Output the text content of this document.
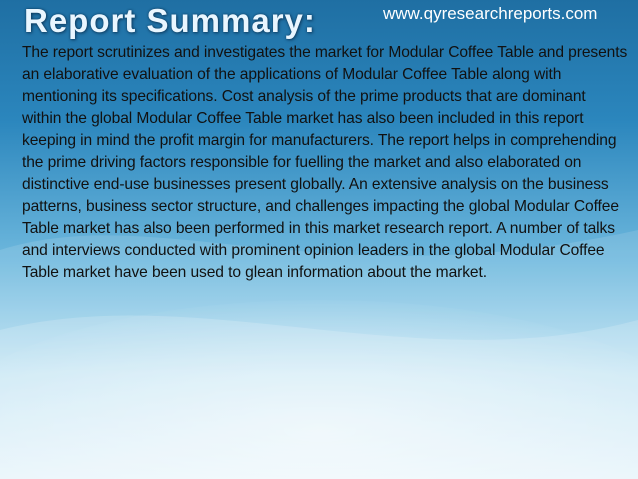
Report Summary:	www.qyresearchreports.com

The report scrutinizes and investigates the market for Modular Coffee Table and presents an elaborative evaluation of the applications of Modular Coffee Table along with mentioning its specifications. Cost analysis of the prime products that are dominant within the global Modular Coffee Table market has also been included in this report keeping in mind the profit margin for manufacturers. The report helps in comprehending the prime driving factors responsible for fuelling the market and also elaborated on distinctive end-use businesses present globally. An extensive analysis on the business patterns, business sector structure, and challenges impacting the global Modular Coffee Table market has also been performed in this market research report. A number of talks and interviews conducted with prominent opinion leaders in the global Modular Coffee Table market have been used to glean information about the market.
